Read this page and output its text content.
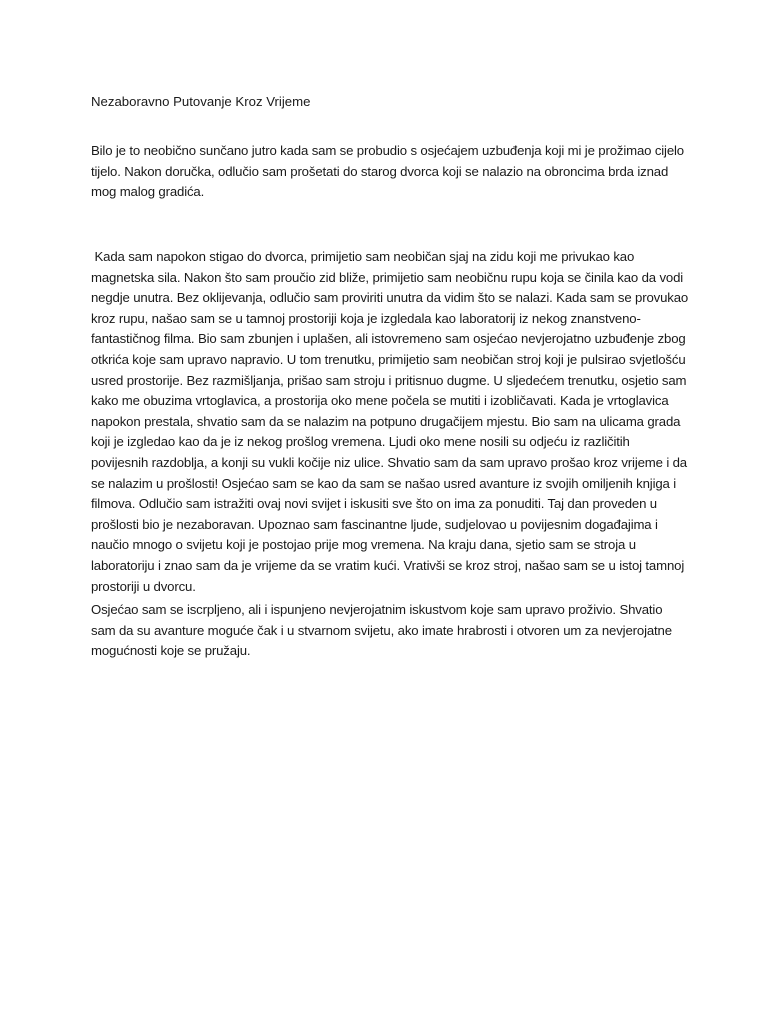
Nezaboravno Putovanje Kroz Vrijeme

Bilo je to neobično sunčano jutro kada sam se probudio s osjećajem uzbuđenja koji mi je prožimao cijelo tijelo. Nakon doručka, odlučio sam prošetati do starog dvorca koji se nalazio na obroncima brda iznad mog malog gradića.

Kada sam napokon stigao do dvorca, primijetio sam neobičan sjaj na zidu koji me privukao kao magnetska sila. Nakon što sam proučio zid bliže, primijetio sam neobičnu rupu koja se činila kao da vodi negdje unutra. Bez oklijevanja, odlučio sam proviriti unutra da vidim što se nalazi. Kada sam se provukao kroz rupu, našao sam se u tamnoj prostoriji koja je izgledala kao laboratorij iz nekog znanstveno-fantastičnog filma. Bio sam zbunjen i uplašen, ali istovremeno sam osjećao nevjerojatno uzbuđenje zbog otkrića koje sam upravo napravio. U tom trenutku, primijetio sam neobičan stroj koji je pulsirao svjetlošću usred prostorije. Bez razmišljanja, prišao sam stroju i pritisnuo dugme. U sljedećem trenutku, osjetio sam kako me obuzima vrtoglavica, a prostorija oko mene počela se mutiti i izobličavati. Kada je vrtoglavica napokon prestala, shvatio sam da se nalazim na potpuno drugačijem mjestu. Bio sam na ulicama grada koji je izgledao kao da je iz nekog prošlog vremena. Ljudi oko mene nosili su odjeću iz različitih povijesnih razdoblja, a konji su vukli kočije niz ulice. Shvatio sam da sam upravo prošao kroz vrijeme i da se nalazim u prošlosti! Osjećao sam se kao da sam se našao usred avanture iz svojih omiljenih knjiga i filmova. Odlučio sam istražiti ovaj novi svijet i iskusiti sve što on ima za ponuditi. Taj dan proveden u prošlosti bio je nezaboravan. Upoznao sam fascinantne ljude, sudjelovao u povijesnim događajima i naučio mnogo o svijetu koji je postojao prije mog vremena. Na kraju dana, sjetio sam se stroja u laboratoriju i znao sam da je vrijeme da se vratim kući. Vrativši se kroz stroj, našao sam se u istoj tamnoj prostoriji u dvorcu.

Osjećao sam se iscrpljeno, ali i ispunjeno nevjerojatnim iskustvom koje sam upravo proživio. Shvatio sam da su avanture moguće čak i u stvarnom svijetu, ako imate hrabrosti i otvoren um za nevjerojatne mogućnosti koje se pružaju.
